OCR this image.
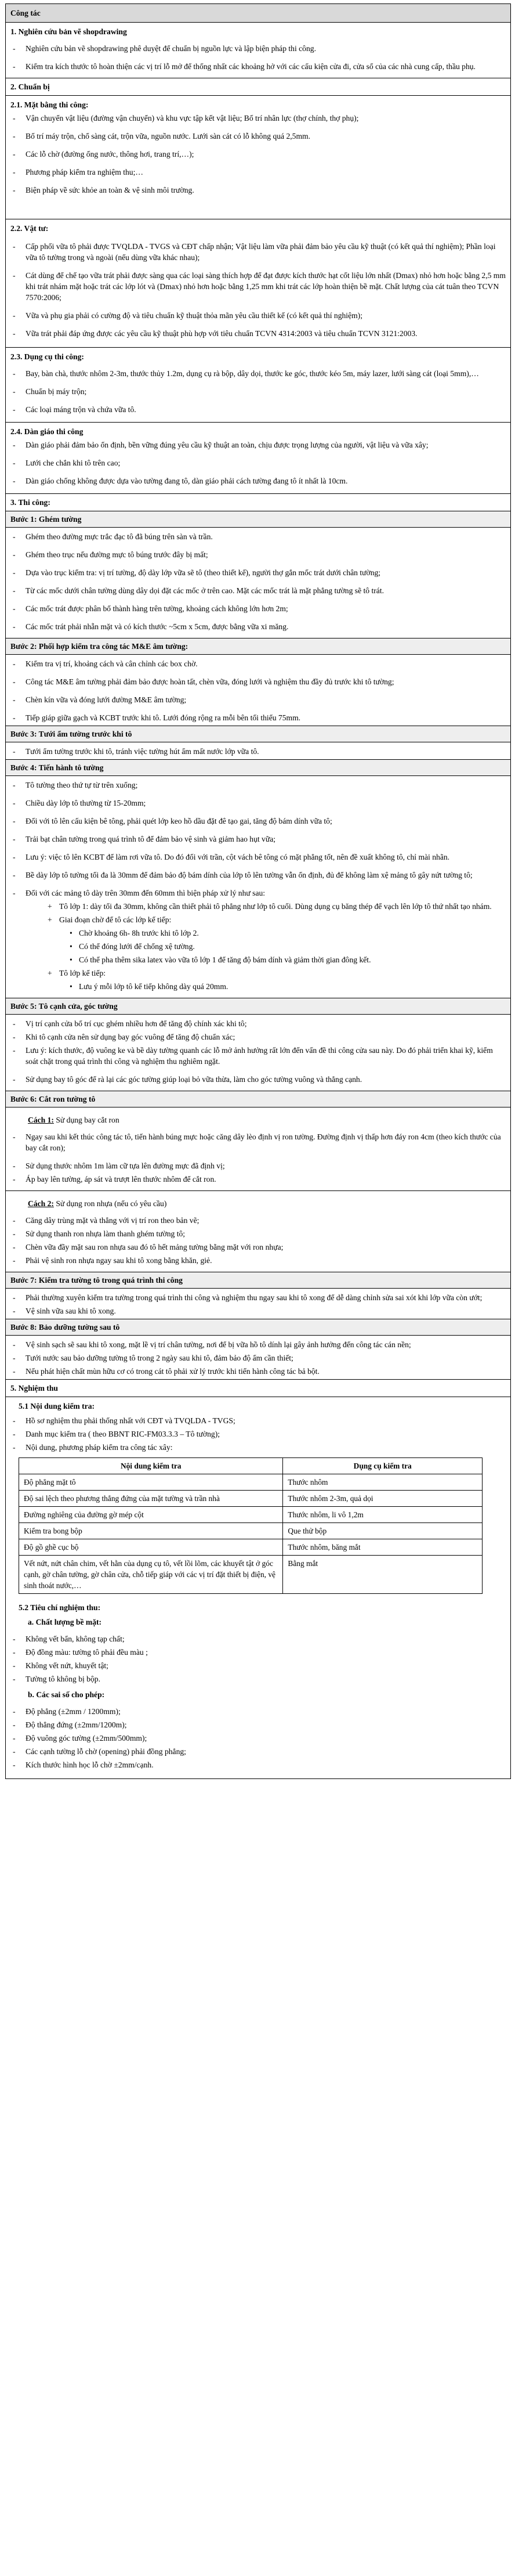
Công tác
1. Nghiên cứu bản vẽ shopdrawing
- Nghiên cứu bản vẽ shopdrawing phê duyệt để chuẩn bị nguồn lực và lập biện pháp thi công.
- Kiểm tra kích thước tô hoàn thiện các vị trí lỗ mở để thống nhất các khoảng hở với các cấu kiện cửa đi, cửa sổ của các nhà cung cấp, thầu phụ.
2. Chuẩn bị
2.1. Mặt bằng thi công:
- Vận chuyển vật liệu (đường vận chuyển) và khu vực tập kết vật liệu; Bố trí nhân lực (thợ chính, thợ phụ);
- Bố trí máy trộn, chổ sàng cát, trộn vữa, nguồn nước. Lưới sàn cát có lỗ không quá 2,5mm.
- Các lỗ chờ (đường ống nước, thông hơi, trang trí,…);
- Phương pháp kiểm tra nghiệm thu;…
- Biện pháp về sức khỏe an toàn & vệ sinh môi trường.
2.2. Vật tư:
- Cấp phối vữa tô phải được TVQLDA - TVGS và CĐT chấp nhận; Vật liệu làm vữa phải đảm bảo yêu cầu kỹ thuật (có kết quả thí nghiệm); Phần loại vữa tô tường trong và ngoài (nếu dùng vữa khác nhau);
- Cát dùng để chế tạo vữa trát phải được sàng qua các loại sàng thích hợp để đạt được kích thước hạt cốt liệu lớn nhất (Dmax) nhỏ hơn hoặc bằng 2,5 mm khi trát nhám mặt hoặc trát các lớp lót và (Dmax) nhỏ hơn hoặc bằng 1,25 mm khi trát các lớp hoàn thiện bề mặt. Chất lượng của cát tuân theo TCVN 7570:2006;
- Vữa và phụ gia phải có cường độ và tiêu chuẩn kỹ thuật thỏa mãn yêu cầu thiết kế (có kết quả thí nghiệm);
- Vữa trát phải đáp ứng được các yêu cầu kỹ thuật phù hợp với tiêu chuẩn TCVN 4314:2003 và tiêu chuẩn TCVN 3121:2003.
2.3. Dụng cụ thi công:
- Bay, bàn chà, thước nhôm 2-3m, thước thủy 1.2m, dụng cụ rà bộp, dây dọi, thước ke góc, thước kéo 5m, máy lazer, lưới sàng cát (loại 5mm),…
- Chuẩn bị máy trộn;
- Các loại máng trộn và chứa vữa tô.
2.4. Dàn giáo thi công
- Dàn giáo phải đảm bảo ổn định, bền vững đúng yêu cầu kỹ thuật an toàn, chịu được trọng lượng của người, vật liệu và vữa xây;
- Lưới che chắn khi tô trên cao;
- Dàn giáo chống không được dựa vào tường đang tô, dàn giáo phải cách tường đang tô ít nhất là 10cm.
3. Thi công:
Bước 1: Ghém tường
- Ghém theo đường mực trắc đạc tô đã búng trên sàn và trần.
- Ghém theo trục nếu đường mực tô búng trước đây bị mất;
- Dựa vào trục kiểm tra: vị trí tường, độ dày lớp vữa sẽ tô (theo thiết kế), người thợ gắn mốc trát dưới chân tường;
- Từ các mốc dưới chân tường dùng dây dọi đặt các mốc ở trên cao. Mặt các mốc trát là mặt phẳng tường sẽ tô trát.
- Các mốc trát được phân bố thành hàng trên tường, khoảng cách không lớn hơn 2m;
- Các mốc trát phải nhẵn mặt và có kích thước ~5cm x 5cm, được bằng vữa xi măng.
Bước 2: Phối hợp kiểm tra công tác M&E âm tường:
- Kiểm tra vị trí, khoảng cách và cân chỉnh các box chờ.
- Công tác M&E âm tường phải đảm bảo được hoàn tất, chèn vữa, đóng lưới và nghiệm thu đầy đủ trước khi tô tường;
- Chèn kín vữa và đóng lưới đường M&E âm tường;
- Tiếp giáp giữa gạch và KCBT trước khi tô. Lưới đóng rộng ra mỗi bên tối thiểu 75mm.
Bước 3: Tưới ẩm tường trước khi tô
- Tưới ẩm tường trước khi tô, tránh việc tường hút ẩm mất nước lớp vữa tô.
Bước 4: Tiến hành tô tường
- Tô tường theo thứ tự từ trên xuống;
- Chiều dày lớp tô thường từ 15-20mm;
- Đối với tô lên cấu kiện bê tông, phải quét lớp keo hồ dầu đặt đê tạo gai, tăng độ bám dính vữa tô;
- Trải bạt chân tường trong quá trình tô để đảm bảo vệ sinh và giảm hao hụt vữa;
- Lưu ý: việc tô lên KCBT để làm rơi vữa tô. Do đó đối với trần, cột vách bê tông có mặt phẳng tốt, nên đề xuất không tô, chỉ mài nhãn.
- Bề dày lớp tô tường tối đa là 30mm để đảm bảo độ bám dính của lớp tô lên tường vẫn ổn định, đủ để không làm xệ mảng tô gây nứt tường tô;
- Đối với các mảng tô dày trên 30mm đến 60mm thì biện pháp xử lý như sau:
+ Tô lớp 1: dày tối đa 30mm, không cần thiết phải tô phẳng như lớp tô cuối. Dùng dụng cụ băng thép để vạch lên lớp tô thứ nhất tạo nhám.
+ Giai đoạn chờ để tô các lớp kế tiếp:
• Chờ khoảng 6h- 8h trước khi tô lớp 2.
• Có thể đóng lưới để chống xệ tường.
• Có thể pha thêm sika latex vào vữa tô lớp 1 để tăng độ bám dính và giảm thời gian đông kết.
+ Tô lớp kế tiếp:
• Lưu ý mỗi lớp tô kế tiếp không dày quá 20mm.
Bước 5: Tô cạnh cửa, góc tường
- Vị trí cạnh cửa bố trí cục ghém nhiều hơn để tăng độ chính xác khi tô;
- Khi tô cạnh cửa nên sử dụng bay góc vuông để tăng độ chuẩn xác;
- Lưu ý: kích thước, độ vuông ke và bề dày tường quanh các lỗ mở ảnh hưởng rất lớn đến vấn đề thi công cửa sau này. Do đó phải triển khai kỹ, kiểm soát chặt trong quá trình thi công và nghiệm thu nghiêm ngặt.
- Sử dụng bay tô góc để rà lại các góc tường giúp loại bỏ vữa thừa, làm cho góc tường vuông và thẳng cạnh.
Bước 6: Cắt ron tường tô
Cách 1: Sử dụng bay cắt ron
- Ngay sau khi kết thúc công tác tô, tiến hành búng mực hoặc căng dây lèo định vị ron tường. Đường định vị thấp hơn đáy ron 4cm (theo kích thước của bay cắt ron);
- Sử dụng thước nhôm 1m làm cữ tựa lên đường mực đã định vị;
- Áp bay lên tường, áp sát và trượt lên thước nhôm để cắt ron.
Cách 2: Sử dụng ron nhựa (nếu có yêu cầu)
- Căng dây trùng mặt và thẳng với vị trí ron theo bản vẽ;
- Sử dụng thanh ron nhựa làm thanh ghém tường tô;
- Chèn vữa đầy mặt sau ron nhựa sau đó tô hết mảng tường bằng mặt với ron nhựa;
- Phải vệ sinh ron nhựa ngay sau khi tô xong bằng khăn, giẻ.
Bước 7: Kiểm tra tường tô trong quá trình thi công
- Phải thường xuyên kiểm tra tường trong quá trình thi công và nghiệm thu ngay sau khi tô xong để dễ dàng chỉnh sửa sai xót khi lớp vữa còn ướt;
- Vệ sinh vữa sau khi tô xong.
Bước 8: Bảo dưỡng tường sau tô
- Vệ sinh sạch sẽ sau khi tô xong, mặt lề vị trí chân tường, nơi để bị vữa hồ tô dính lại gây ảnh hưởng đến công tác cán nền;
- Tưới nước sau bảo dưỡng tường tô trong 2 ngày sau khi tô, đảm bảo độ ẩm cần thiết;
- Nếu phát hiện chất mùn hữu cơ có trong cát tô phải xử lý trước khi tiến hành công tác bả bột.
5. Nghiệm thu
5.1 Nội dung kiểm tra:
- Hồ sơ nghiệm thu phải thống nhất với CĐT và TVQLDA - TVGS;
- Danh mục kiểm tra ( theo BBNT RIC-FM03.3.3 – Tô tường);
- Nội dung, phương pháp kiểm tra công tác xây:
Nội dung kiểm tra	Dụng cụ kiểm tra
Độ phẳng mặt tô	Thước nhôm
Độ sai lệch theo phương thẳng đứng của mặt tường và trần nhà	Thước nhôm 2-3m, quả dọi
Đường nghiêng của đường gờ mép cột	Thước nhôm, li vô 1,2m
Kiểm tra bong bộp	Que thử bộp
Độ gồ ghề cục bộ	Thước nhôm, băng mắt
Vết nứt, nứt chân chim, vết hằn của dụng cụ tô, vết lồi lõm, các khuyết tật ở góc cạnh, gờ chân tường, gờ chân cửa, chỗ tiếp giáp với các vị trí đặt thiết bị điện, vệ sinh thoát nước,…	Bằng mắt
5.2 Tiêu chí nghiệm thu:
a. Chất lượng bề mặt:
- Không vết bẩn, không tạp chất;
- Độ đồng màu: tường tô phải đều màu ;
- Không vết nứt, khuyết tật;
- Tường tô không bị bộp.
b. Các sai số cho phép:
- Độ phẳng (±2mm / 1200mm);
- Độ thẳng đứng (±2mm/1200m);
- Độ vuông góc tường (±2mm/500mm);
- Các cạnh tường lỗ chờ (opening) phải đồng phẳng;
- Kích thước hình học lỗ chờ ±2mm/cạnh.
